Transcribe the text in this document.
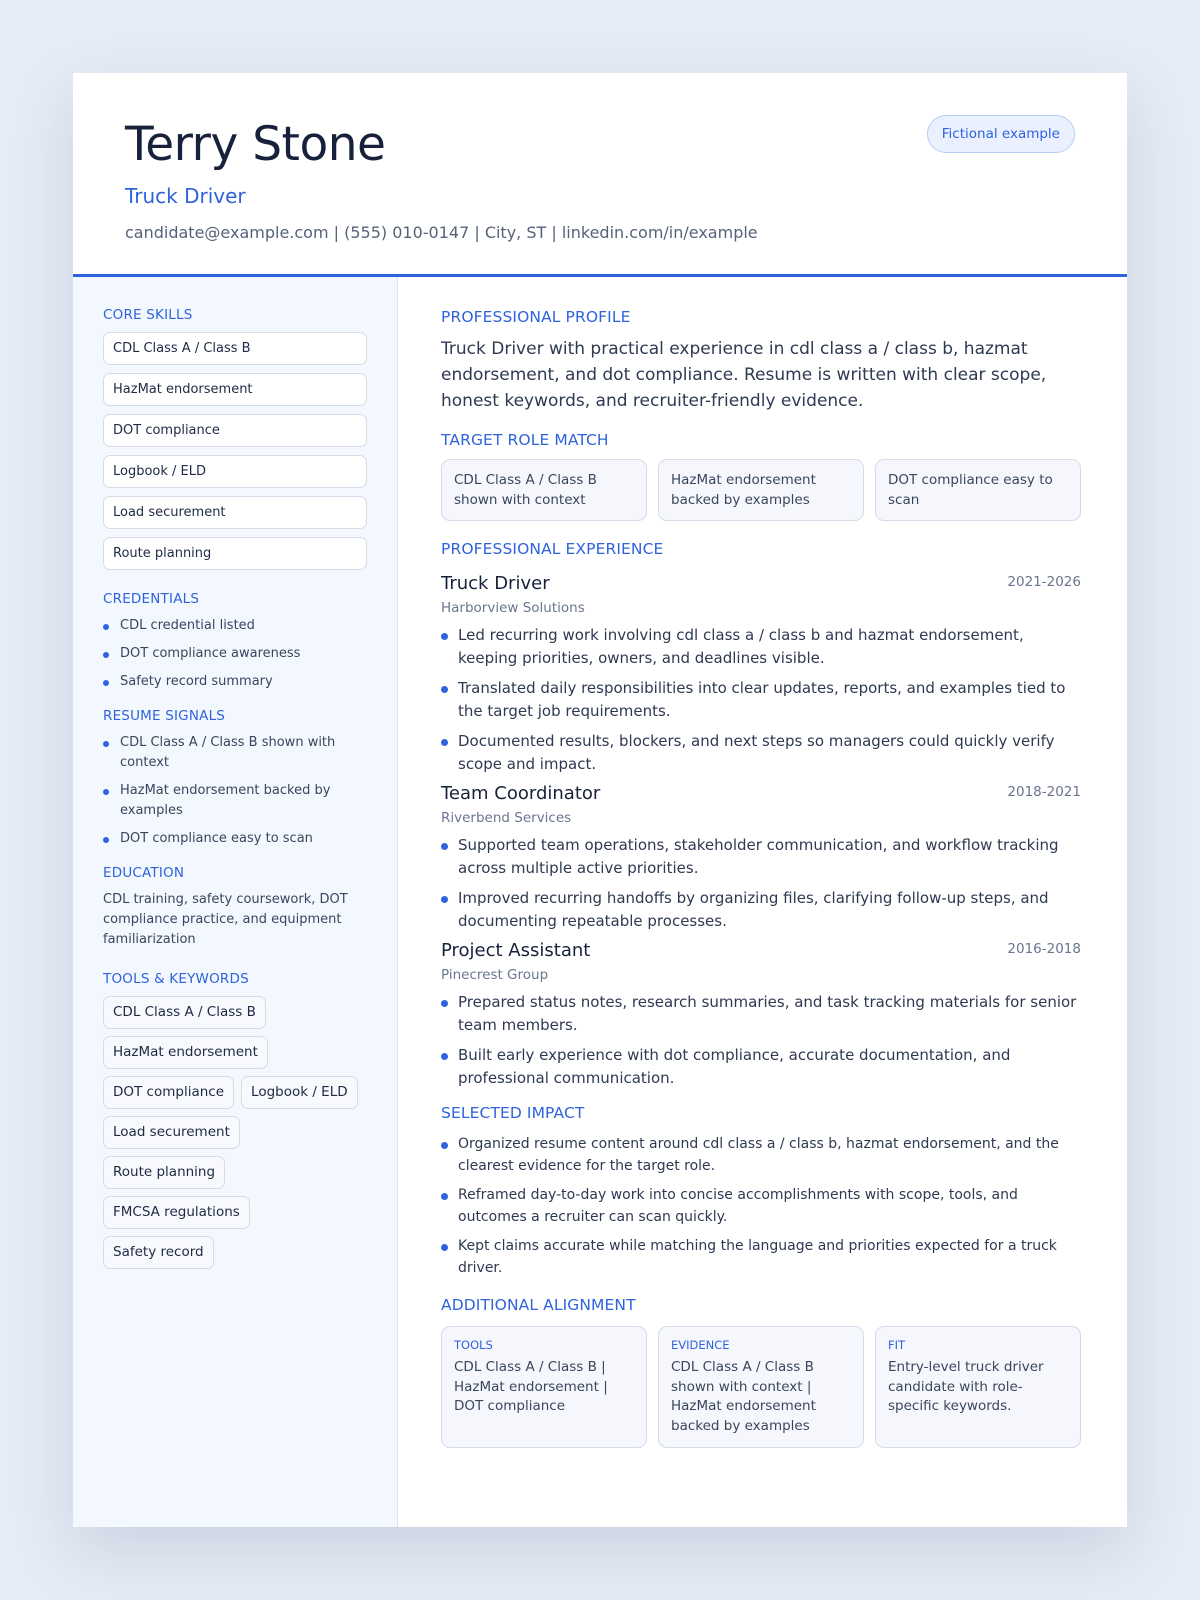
Terry Stone
Truck Driver
candidate@example.com | (555) 010-0147 | City, ST | linkedin.com/in/example
Fictional example
CORE SKILLS
CDL Class A / Class B
HazMat endorsement
DOT compliance
Logbook / ELD
Load securement
Route planning
CREDENTIALS
CDL credential listed
DOT compliance awareness
Safety record summary
RESUME SIGNALS
CDL Class A / Class B shown with context
HazMat endorsement backed by examples
DOT compliance easy to scan
EDUCATION
CDL training, safety coursework, DOT compliance practice, and equipment familiarization
TOOLS & KEYWORDS
CDL Class A / Class B
HazMat endorsement
DOT compliance	Logbook / ELD
Load securement
Route planning
FMCSA regulations
Safety record
PROFESSIONAL PROFILE
Truck Driver with practical experience in cdl class a / class b, hazmat endorsement, and dot compliance. Resume is written with clear scope, honest keywords, and recruiter-friendly evidence.
TARGET ROLE MATCH
CDL Class A / Class B shown with context
HazMat endorsement backed by examples
DOT compliance easy to scan
PROFESSIONAL EXPERIENCE
Truck Driver	2021-2026
Harborview Solutions
Led recurring work involving cdl class a / class b and hazmat endorsement, keeping priorities, owners, and deadlines visible.
Translated daily responsibilities into clear updates, reports, and examples tied to the target job requirements.
Documented results, blockers, and next steps so managers could quickly verify scope and impact.
Team Coordinator	2018-2021
Riverbend Services
Supported team operations, stakeholder communication, and workflow tracking across multiple active priorities.
Improved recurring handoffs by organizing files, clarifying follow-up steps, and documenting repeatable processes.
Project Assistant	2016-2018
Pinecrest Group
Prepared status notes, research summaries, and task tracking materials for senior team members.
Built early experience with dot compliance, accurate documentation, and professional communication.
SELECTED IMPACT
Organized resume content around cdl class a / class b, hazmat endorsement, and the clearest evidence for the target role.
Reframed day-to-day work into concise accomplishments with scope, tools, and outcomes a recruiter can scan quickly.
Kept claims accurate while matching the language and priorities expected for a truck driver.
ADDITIONAL ALIGNMENT
TOOLS
CDL Class A / Class B | HazMat endorsement | DOT compliance
EVIDENCE
CDL Class A / Class B shown with context | HazMat endorsement backed by examples
FIT
Entry-level truck driver candidate with role-specific keywords.
